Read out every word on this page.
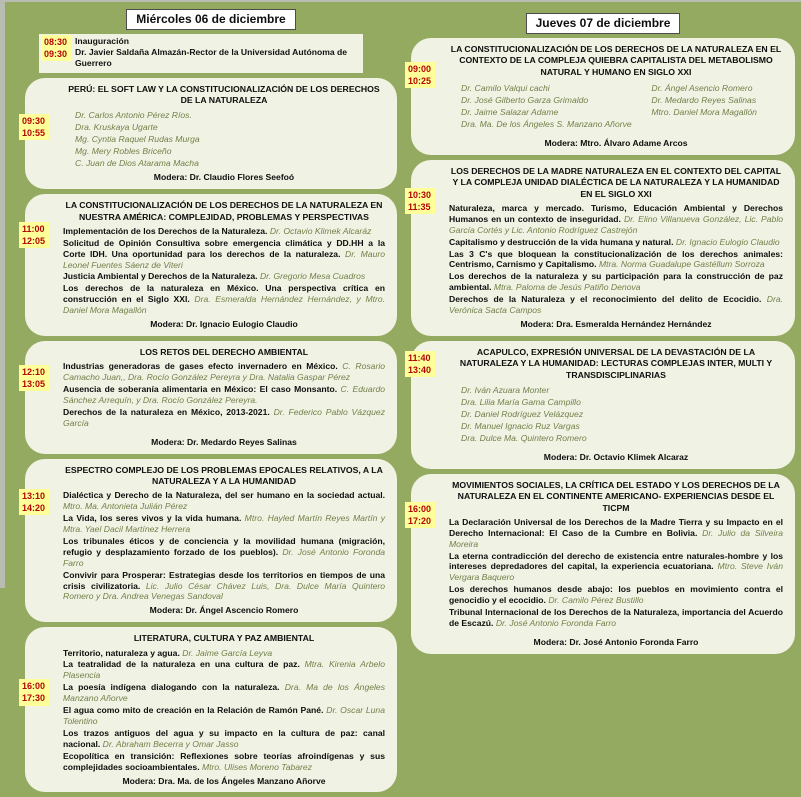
Miércoles 06 de diciembre
08:30
09:30
Inauguración
Dr. Javier Saldaña Almazán-Rector de la Universidad Autónoma de Guerrero
09:30
10:55
PERÚ: EL SOFT LAW Y LA CONSTITUCIONALIZACIÓN DE LOS DERECHOS DE LA NATURALEZA

Dr. Carlos Antonio Pérez Ríos.

Dra. Kruskaya Ugarte

Mg. Cyntia Raquel Rudas Murga

Mg. Mery Robles Briceño

C. Juan de Dios Atarama Macha

Modera: Dr. Claudio Flores Seefoó
11:00
12:05
LA CONSTITUCIONALIZACIÓN DE LOS DERECHOS DE LA NATURALEZA EN NUESTRA AMÉRICA: COMPLEJIDAD, PROBLEMAS Y PERSPECTIVAS

Implementación de los Derechos de la Naturaleza. Dr. Octavio Klimek Alcaráz

Solicitud de Opinión Consultiva sobre emergencia climática y DD.HH a la Corte IDH. Una oportunidad para los derechos de la naturaleza. Dr. Mauro Leonel Fuentes Sáenz de Viteri

Justicia Ambiental y Derechos de la Naturaleza. Dr. Gregorio Mesa Cuadros

Los derechos de la naturaleza en México. Una perspectiva crítica en construcción en el Siglo XXI. Dra. Esmeralda Hernández Hernández, y Mtro. Daniel Mora Magallón

Modera: Dr. Ignacio Eulogio Claudio
12:10
13:05
LOS RETOS DEL DERECHO AMBIENTAL

Industrias generadoras de gases efecto invernadero en México. C. Rosario Camacho Juan,, Dra. Rocío González Pereyra y Dra. Natalia Gaspar Pérez

Ausencia de soberanía alimentaria en México: El caso Monsanto. C. Eduardo Sánchez Arrequín, y Dra. Rocío González Pereyra.

Derechos de la naturaleza en México, 2013-2021. Dr. Federico Pablo Vázquez García

Modera: Dr. Medardo Reyes Salinas
13:10
14:20
ESPECTRO COMPLEJO DE LOS PROBLEMAS EPOCALES RELATIVOS, A LA NATURALEZA Y A LA HUMANIDAD

Dialéctica y Derecho de la Naturaleza, del ser humano en la sociedad actual. Mtro. Ma. Antonieta Julián Pérez

La Vida, los seres vivos y la vida humana. Mtro. Hayled Martín Reyes Martín y Mtra. Yael Dacil Martínez Herrera

Los tribunales éticos y de conciencia y la movilidad humana (migración, refugio y desplazamiento forzado de los pueblos). Dr. José Antonio Foronda Farro

Convivir para Prosperar: Estrategias desde los territorios en tiempos de una crisis civilizatoria. Lic. Julio César Chávez Luis, Dra. Dulce María Quintero Romero y Dra. Andrea Venegas Sandoval

Modera: Dr. Ángel Ascencio Romero
16:00
17:30
LITERATURA, CULTURA Y PAZ AMBIENTAL

Territorio, naturaleza y agua. Dr. Jaime García Leyva

La teatralidad de la naturaleza en una cultura de paz. Mtra. Kirenia Arbelo Plasencia

La poesía indígena dialogando con la naturaleza. Dra. Ma de los Ángeles Manzano Añorve

El agua como mito de creación en la Relación de Ramón Pané. Dr. Oscar Luna Tolentino

Los trazos antiguos del agua y su impacto en la cultura de paz: canal nacional. Dr. Abraham Becerra y Omar Jasso

Ecopolítica en transición: Reflexiones sobre teorías afroindígenas y sus complejidades socioambientales. Mtro. Ulises Moreno Tabarez

Modera: Dra. Ma. de los Ángeles Manzano Añorve
Jueves 07 de diciembre
09:00
10:25
LA CONSTITUCIONALIZACIÓN DE LOS DERECHOS DE LA NATURALEZA EN EL CONTEXTO DE LA COMPLEJA QUIEBRA CAPITALISTA DEL METABOLISMO NATURAL Y HUMANO EN SIGLO XXI

Dr. Camilo Valqui cachi

Dr. José Gilberto Garza Grimaldo

Dr. Jaime Salazar Adame

Dra. Ma. De los Ángeles S. Manzano Añorve

Dr. Ángel Asencio Romero

Dr. Medardo Reyes Salinas

Mtro. Daniel Mora Magallón

Modera: Mtro. Álvaro Adame Arcos
10:30
11:35
LOS DERECHOS DE LA MADRE NATURALEZA EN EL CONTEXTO DEL CAPITAL Y LA COMPLEJA UNIDAD DIALÉCTICA DE LA NATURALEZA Y LA HUMANIDAD EN EL SIGLO XXI

Naturaleza, marca y mercado. Turismo, Educación Ambiental y Derechos Humanos en un contexto de inseguridad. Dr. Elino Villanueva González, Lic. Pablo García Cortés y Lic. Antonio Rodríguez Castrejón

Capitalismo y destrucción de la vida humana y natural. Dr. Ignacio Eulogio Claudio

Las 3 C's que bloquean la constitucionalización de los derechos animales: Centrismo, Carnismo y Capitalismo. Mtra. Norma Guadalupe Gastéllum Sorroza

Los derechos de la naturaleza y su participación para la construcción de paz ambiental. Mtra. Paloma de Jesús Patiño Denova

Derechos de la Naturaleza y el reconocimiento del delito de Ecocidio. Dra. Verónica Sacta Campos

Modera: Dra. Esmeralda Hernández Hernández
11:40
13:40
ACAPULCO, EXPRESIÓN UNIVERSAL DE LA DEVASTACIÓN DE LA NATURALEZA Y LA HUMANIDAD: LECTURAS COMPLEJAS INTER, MULTI Y TRANSDISCIPLINARIAS

Dr. Iván Azuara Monter

Dra. Lilia María Gama Campillo

Dr. Daniel Rodríguez Velázquez

Dr. Manuel Ignacio Ruz Vargas

Dra. Dulce Ma. Quintero Romero

Modera: Dr. Octavio Klimek Alcaraz
16:00
17:20
MOVIMIENTOS SOCIALES, LA CRÍTICA DEL ESTADO Y LOS DERECHOS DE LA NATURALEZA EN EL CONTINENTE AMERICANO- EXPERIENCIAS DESDE EL TICPM

La Declaración Universal de los Derechos de la Madre Tierra y su Impacto en el Derecho Internacional: El Caso de la Cumbre en Bolivia. Dr. Julio da Silveira Moreira

La eterna contradicción del derecho de existencia entre naturales-hombre y los intereses depredadores del capital, la experiencia ecuatoriana. Mtro. Steve Iván Vergara Baquero

Los derechos humanos desde abajo: los pueblos en movimiento contra el genocidio y el ecocidio. Dr. Camilo Pérez Bustillo

Tribunal Internacional de los Derechos de la Naturaleza, importancia del Acuerdo de Escazú. Dr. José Antonio Foronda Farro

Modera: Dr. José Antonio Foronda Farro
